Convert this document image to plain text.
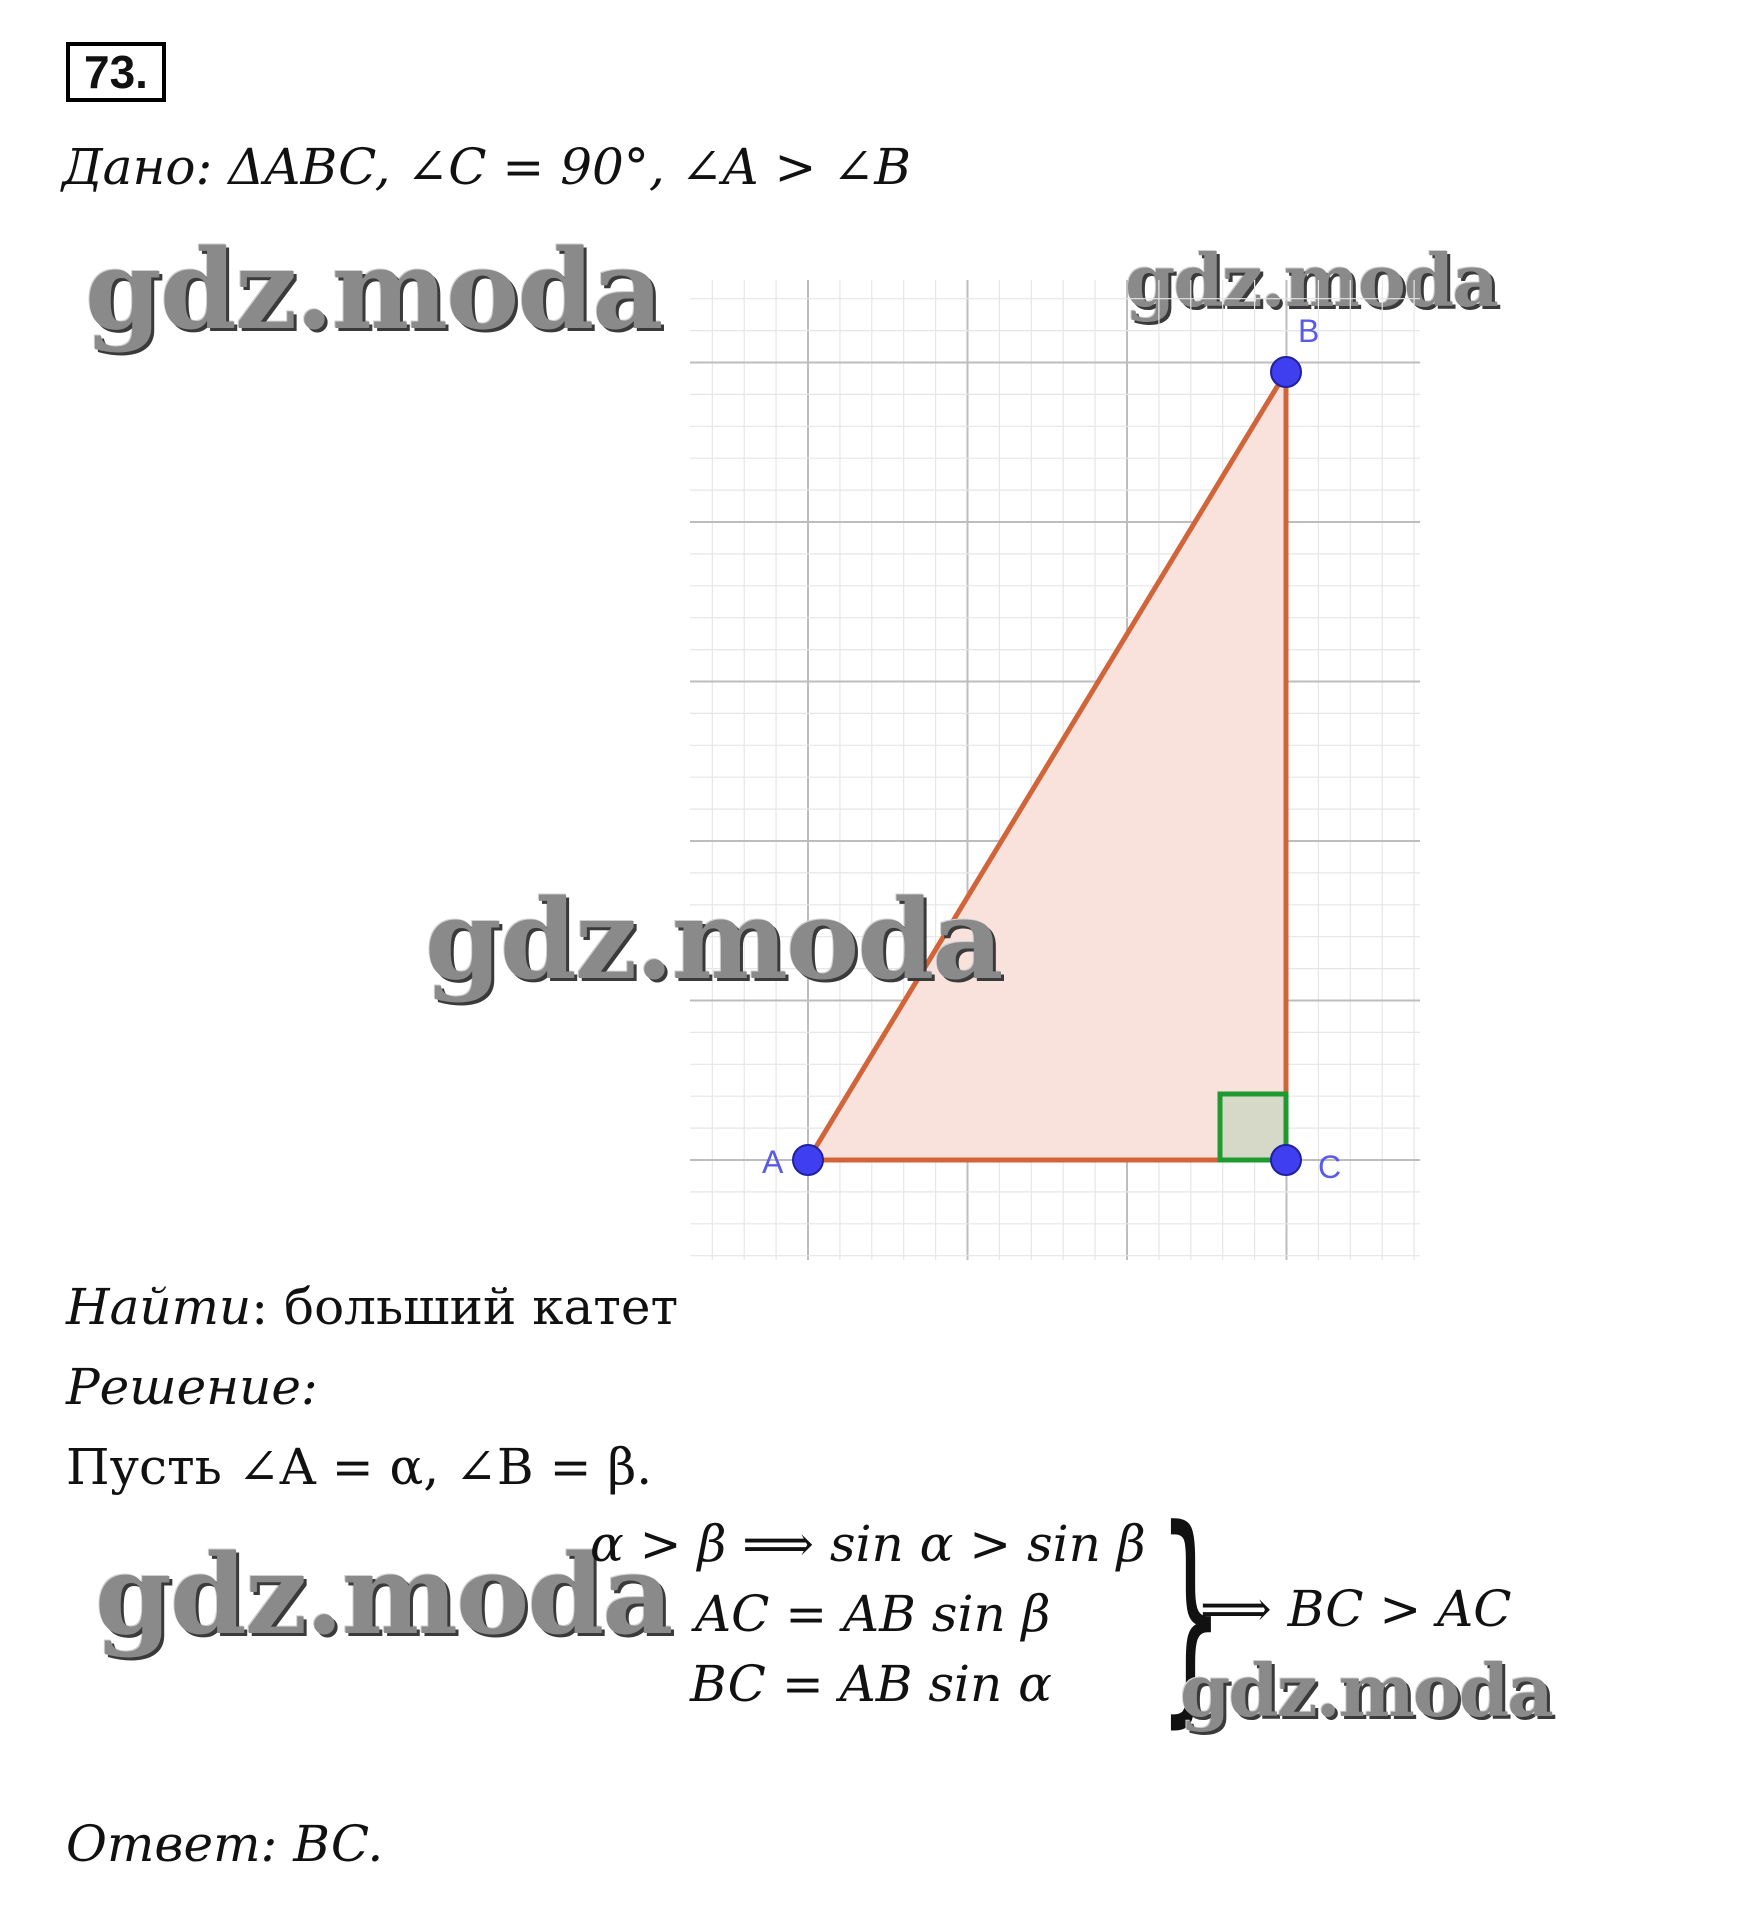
73.
Дано: ΔABC, ∠C = 90°, ∠A > ∠B
gdz.moda	gdz.moda
A
B
C
gdz.moda
Найти: больший катет
Решение:
Пусть ∠A = α, ∠B = β.
gdz.moda
α > β ⟹ sin α > sin β
AC = AB sin β
BC = AB sin α }
⟹ BC > AC
gdz.moda
Ответ: BC.
